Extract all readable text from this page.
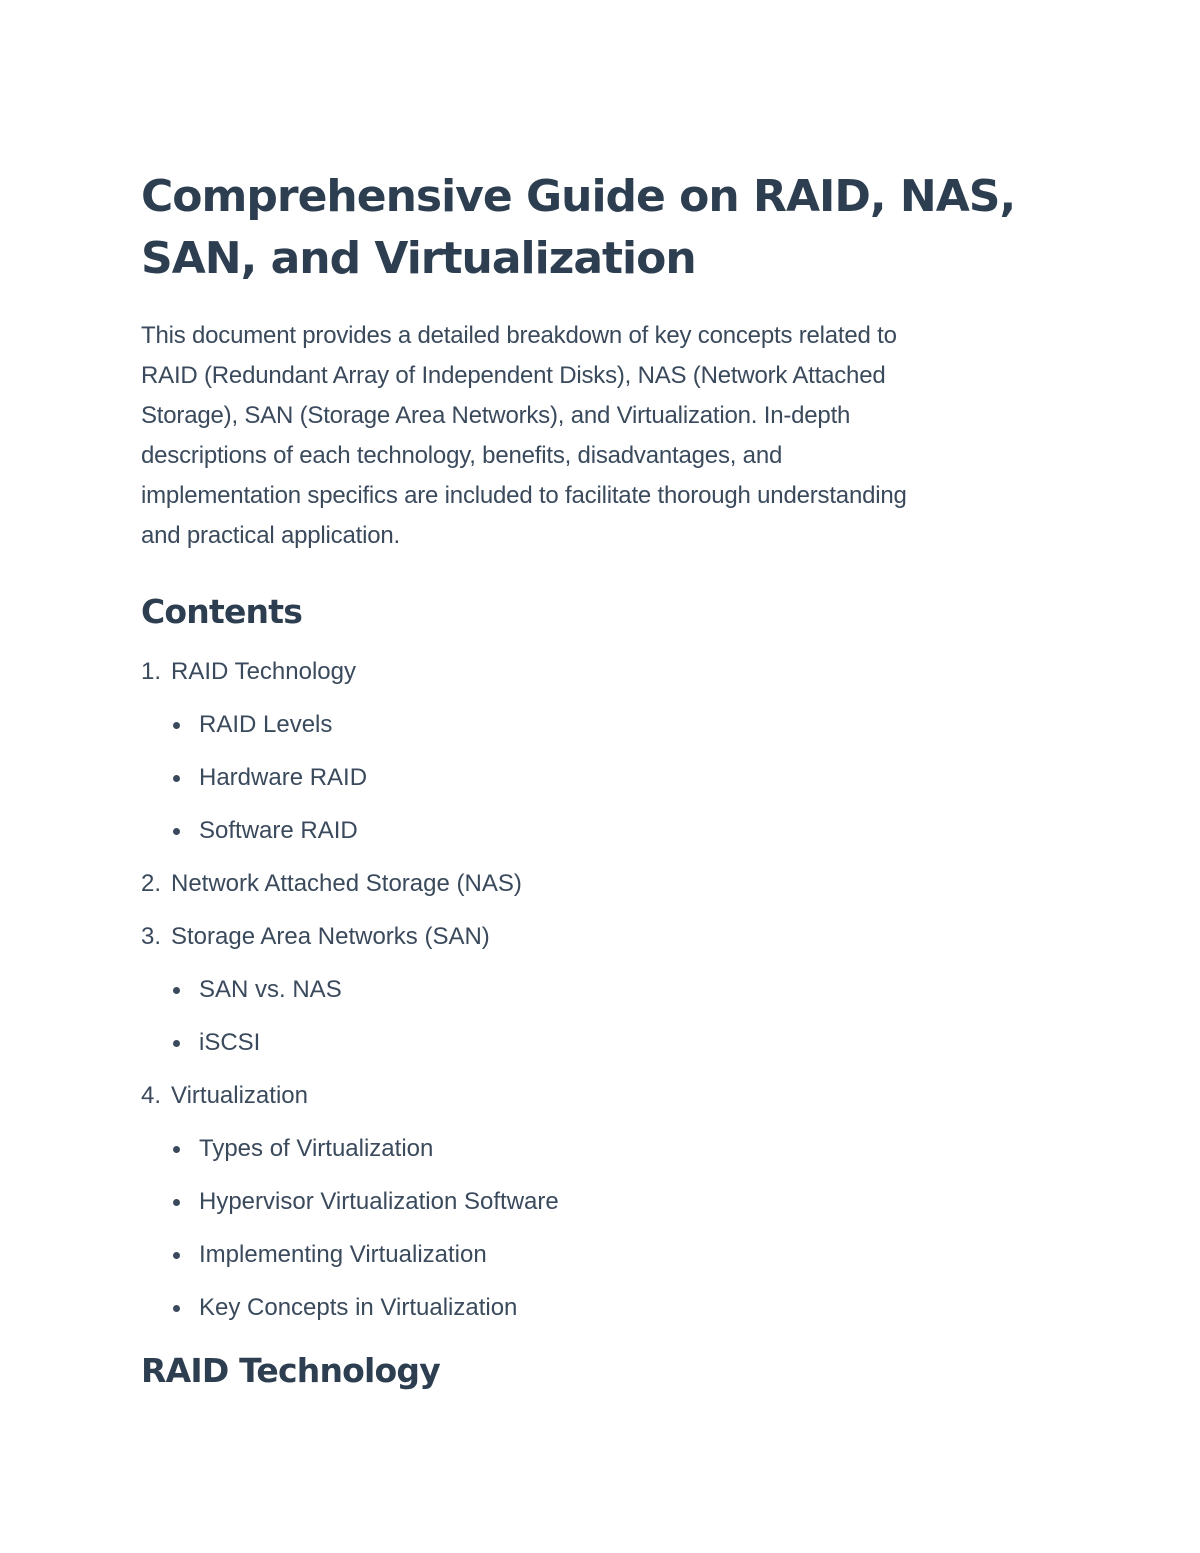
Comprehensive Guide on RAID, NAS,
SAN, and Virtualization

This document provides a detailed breakdown of key concepts related to
RAID (Redundant Array of Independent Disks), NAS (Network Attached
Storage), SAN (Storage Area Networks), and Virtualization. In-depth
descriptions of each technology, benefits, disadvantages, and
implementation specifics are included to facilitate thorough understanding
and practical application.

Contents
1. RAID Technology
RAID Levels
Hardware RAID
Software RAID
2. Network Attached Storage (NAS)
3. Storage Area Networks (SAN)
SAN vs. NAS
iSCSI
4. Virtualization
Types of Virtualization
Hypervisor Virtualization Software
Implementing Virtualization
Key Concepts in Virtualization
RAID Technology
